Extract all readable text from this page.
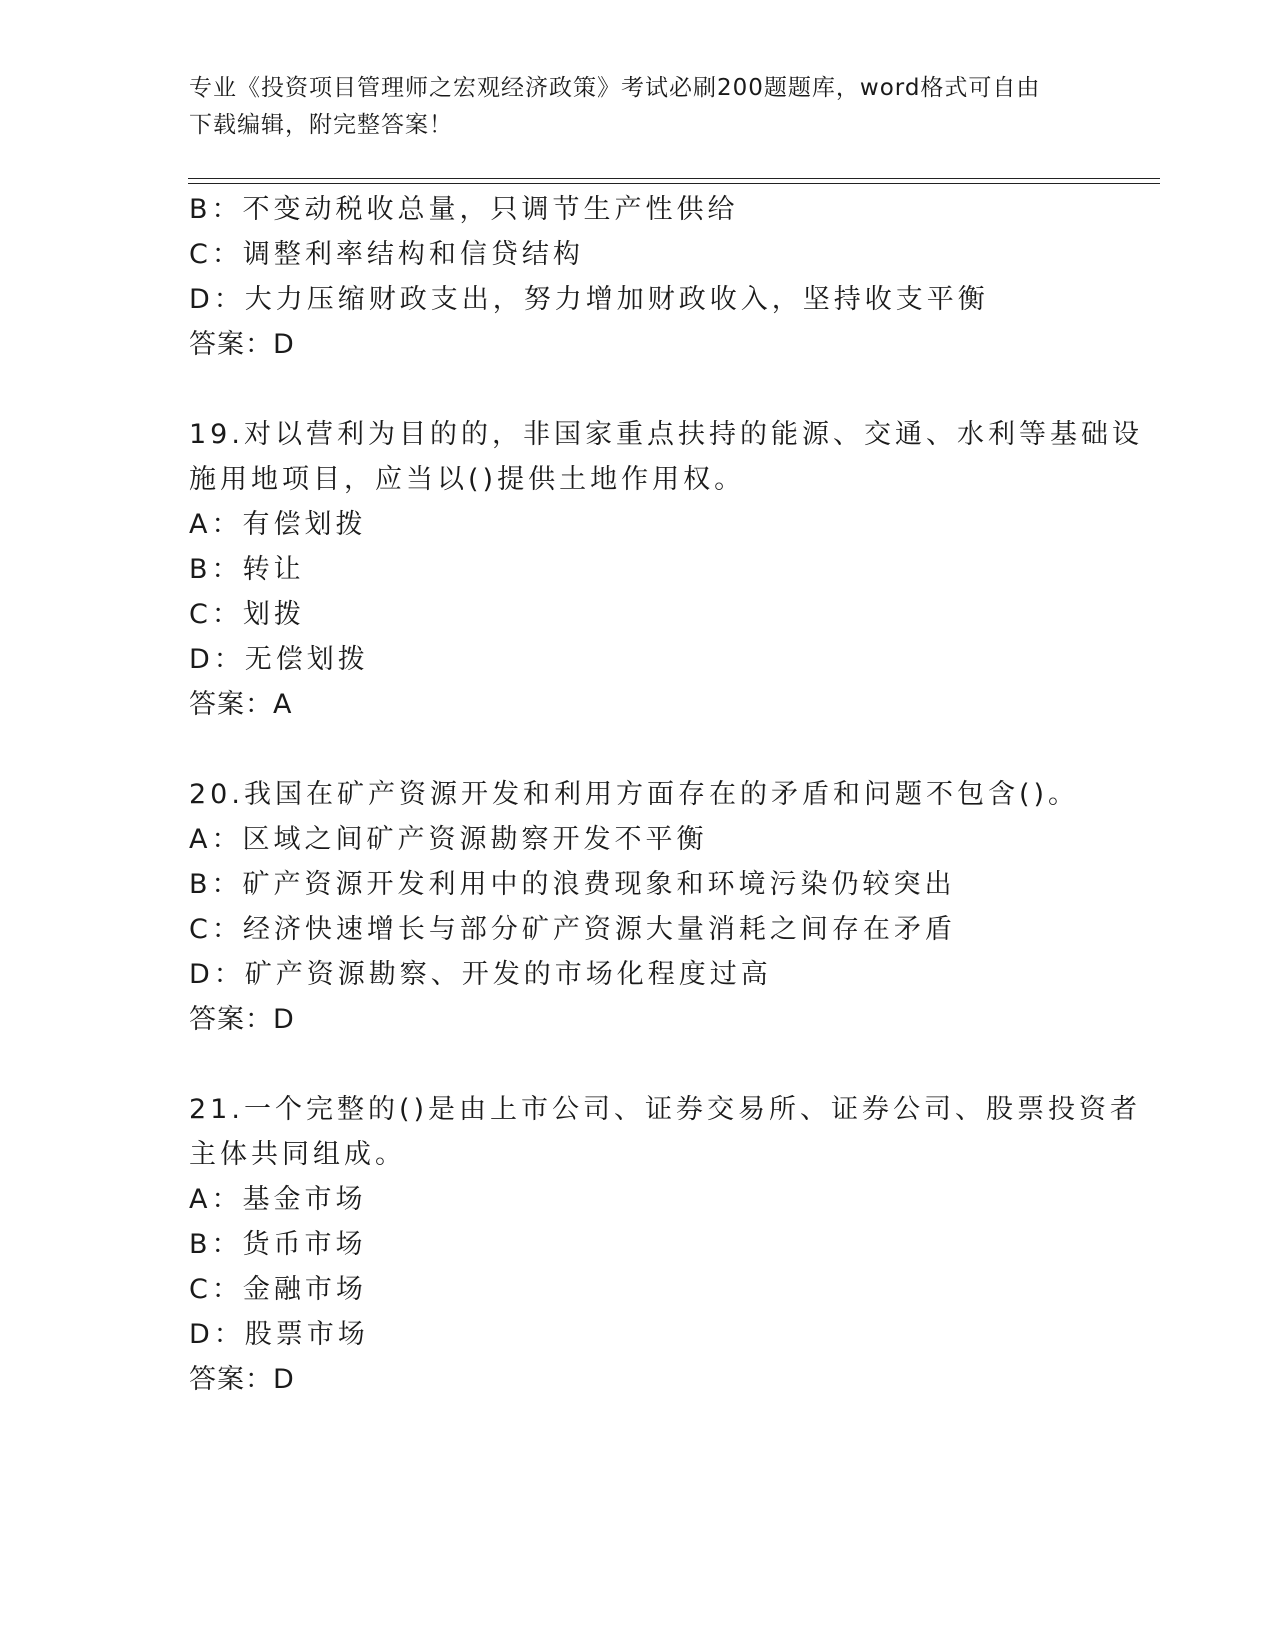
专业《投资项目管理师之宏观经济政策》考试必刷200题题库，word格式可自由
下载编辑，附完整答案！
B：不变动税收总量，只调节生产性供给
C：调整利率结构和信贷结构
D：大力压缩财政支出，努力增加财政收入，坚持收支平衡
答案：D
19.对以营利为目的的，非国家重点扶持的能源、交通、水利等基础设
施用地项目，应当以()提供土地作用权。
A：有偿划拨
B：转让
C：划拨
D：无偿划拨
答案：A
20.我国在矿产资源开发和利用方面存在的矛盾和问题不包含()。
A：区域之间矿产资源勘察开发不平衡
B：矿产资源开发利用中的浪费现象和环境污染仍较突出
C：经济快速增长与部分矿产资源大量消耗之间存在矛盾
D：矿产资源勘察、开发的市场化程度过高
答案：D
21.一个完整的()是由上市公司、证券交易所、证券公司、股票投资者
主体共同组成。
A：基金市场
B：货币市场
C：金融市场
D：股票市场
答案：D
